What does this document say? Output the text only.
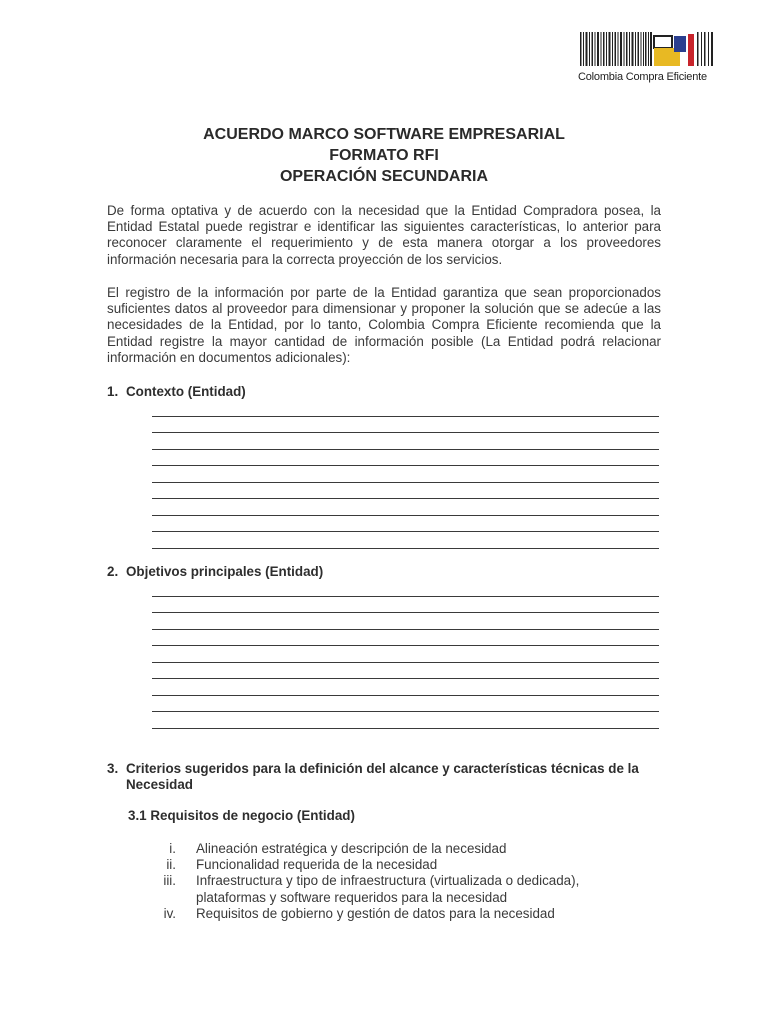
Colombia Compra Eficiente
ACUERDO MARCO SOFTWARE EMPRESARIAL
FORMATO RFI
OPERACIÓN SECUNDARIA
De forma optativa y de acuerdo con la necesidad que la Entidad Compradora posea, la Entidad Estatal puede registrar e identificar las siguientes características, lo anterior para reconocer claramente el requerimiento y de esta manera otorgar a los proveedores información necesaria para la correcta proyección de los servicios.
El registro de la información por parte de la Entidad garantiza que sean proporcionados suficientes datos al proveedor para dimensionar y proponer la solución que se adecúe a las necesidades de la Entidad, por lo tanto, Colombia Compra Eficiente recomienda que la Entidad registre la mayor cantidad de información posible (La Entidad podrá relacionar información en documentos adicionales):
1. Contexto (Entidad)
2. Objetivos principales (Entidad)
3. Criterios sugeridos para la definición del alcance y características técnicas de la
Necesidad
3.1 Requisitos de negocio (Entidad)
i. Alineación estratégica y descripción de la necesidad
ii. Funcionalidad requerida de la necesidad
iii. Infraestructura y tipo de infraestructura (virtualizada o dedicada),
plataformas y software requeridos para la necesidad
iv. Requisitos de gobierno y gestión de datos para la necesidad
